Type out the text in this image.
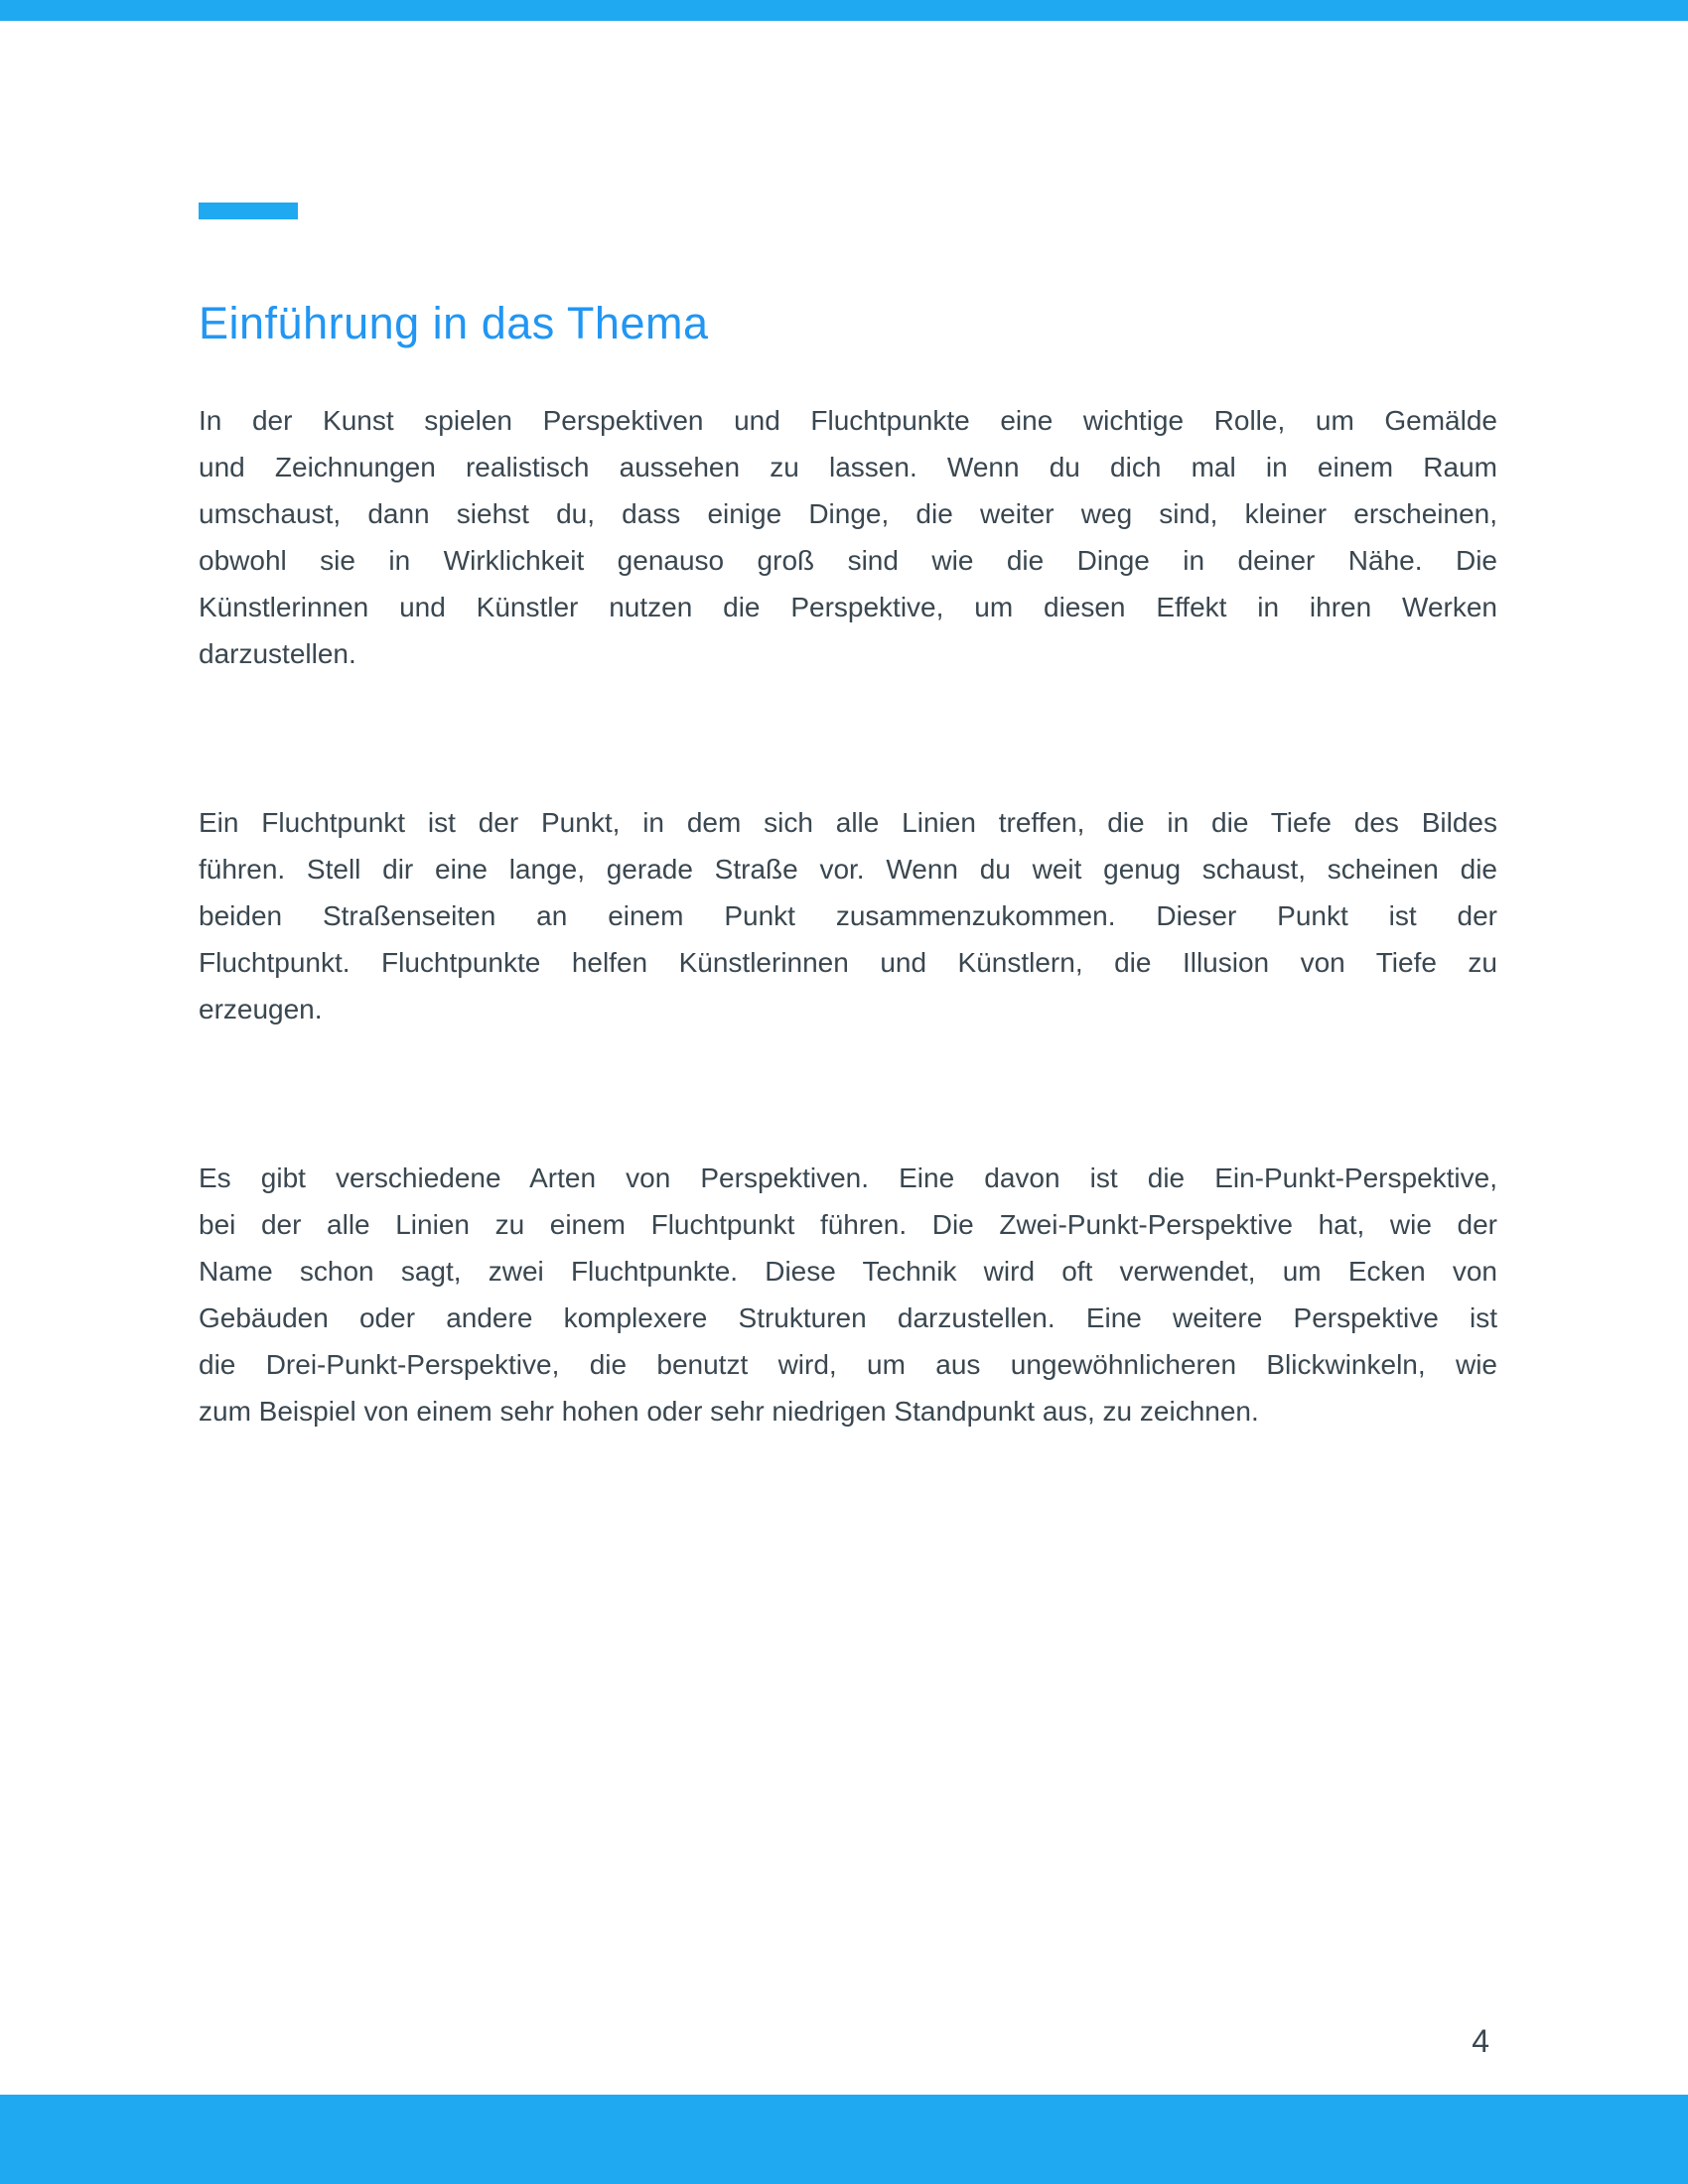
Einführung in das Thema
In der Kunst spielen Perspektiven und Fluchtpunkte eine wichtige Rolle, um Gemälde
und Zeichnungen realistisch aussehen zu lassen. Wenn du dich mal in einem Raum
umschaust, dann siehst du, dass einige Dinge, die weiter weg sind, kleiner erscheinen,
obwohl sie in Wirklichkeit genauso groß sind wie die Dinge in deiner Nähe. Die
Künstlerinnen und Künstler nutzen die Perspektive, um diesen Effekt in ihren Werken
darzustellen.
Ein Fluchtpunkt ist der Punkt, in dem sich alle Linien treffen, die in die Tiefe des Bildes
führen. Stell dir eine lange, gerade Straße vor. Wenn du weit genug schaust, scheinen die
beiden Straßenseiten an einem Punkt zusammenzukommen. Dieser Punkt ist der
Fluchtpunkt. Fluchtpunkte helfen Künstlerinnen und Künstlern, die Illusion von Tiefe zu
erzeugen.
Es gibt verschiedene Arten von Perspektiven. Eine davon ist die Ein-Punkt-Perspektive,
bei der alle Linien zu einem Fluchtpunkt führen. Die Zwei-Punkt-Perspektive hat, wie der
Name schon sagt, zwei Fluchtpunkte. Diese Technik wird oft verwendet, um Ecken von
Gebäuden oder andere komplexere Strukturen darzustellen. Eine weitere Perspektive ist
die Drei-Punkt-Perspektive, die benutzt wird, um aus ungewöhnlicheren Blickwinkeln, wie
zum Beispiel von einem sehr hohen oder sehr niedrigen Standpunkt aus, zu zeichnen.
4
